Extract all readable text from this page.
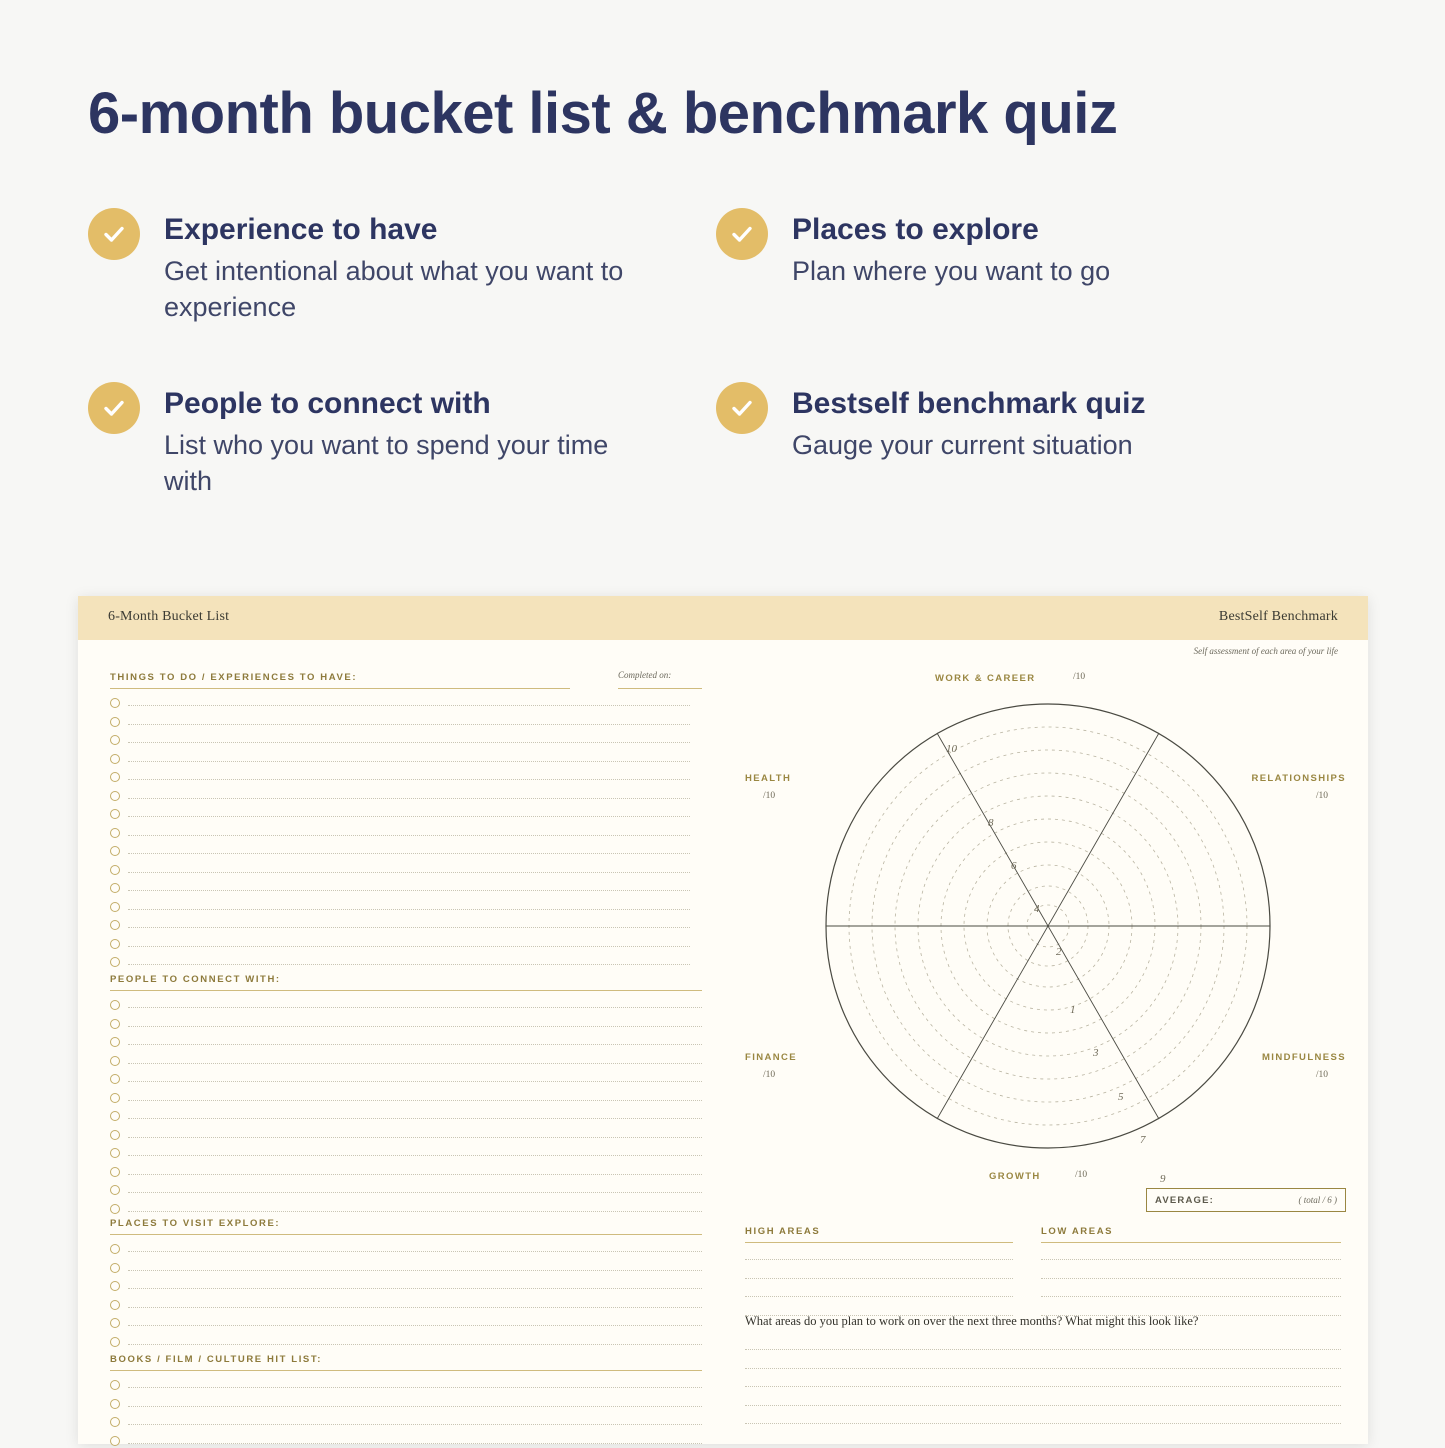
6-month bucket list & benchmark quiz
Experience to have
Get intentional about what you want to experience
Places to explore
Plan where you want to go
People to connect with
List who you want to spend your time with
Bestself benchmark quiz
Gauge your current situation
6-Month Bucket List
THINGS TO DO / EXPERIENCES TO HAVE:	Completed on:
PEOPLE TO CONNECT WITH:
PLACES TO VISIT EXPLORE:
BOOKS / FILM / CULTURE HIT LIST:
BestSelf Benchmark
Self assessment of each area of your life
WORK & CAREER	/10
RELATIONSHIPS
/10
MINDFULNESS
/10
GROWTH	/10
FINANCE
/10
HEALTH
/10
10
8
6
4
2
1
3
5
7
9
AVERAGE:	( total / 6 )
HIGH AREAS	LOW AREAS
What areas do you plan to work on over the next three months? What might this look like?
